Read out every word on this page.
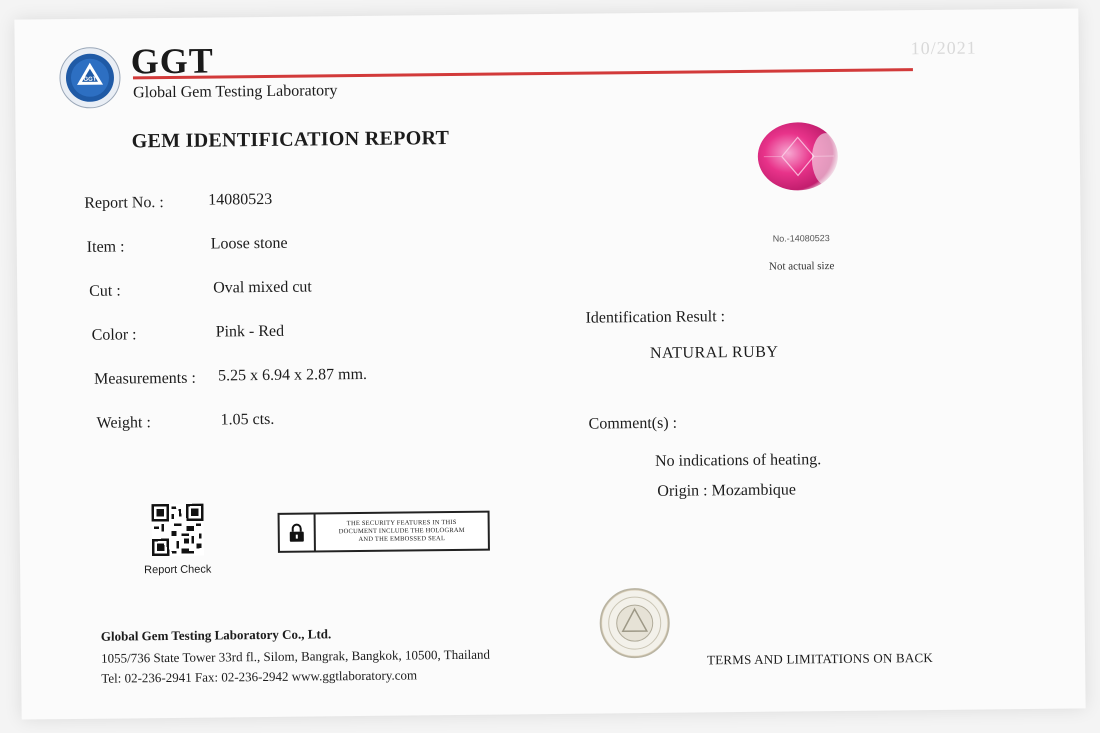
GGT GGT
Global Gem Testing Laboratory
10/2021
GEM IDENTIFICATION REPORT
Report No. :	14080523
Item :	Loose stone
Cut :	Oval mixed cut
Color :	Pink - Red
Measurements : 5.25 x 6.94 x 2.87 mm.
Weight :	1.05 cts.
No.-14080523
Not actual size
Identification Result :
NATURAL RUBY
Comment(s) :
No indications of heating.
Origin : Mozambique
Report Check
THE SECURITY FEATURES IN THIS
DOCUMENT INCLUDE THE HOLOGRAM
AND THE EMBOSSED SEAL
Global Gem Testing Laboratory Co., Ltd.
1055/736 State Tower 33rd fl., Silom, Bangrak, Bangkok, 10500, Thailand
Tel: 02-236-2941 Fax: 02-236-2942 www.ggtlaboratory.com
TERMS AND LIMITATIONS ON BACK
